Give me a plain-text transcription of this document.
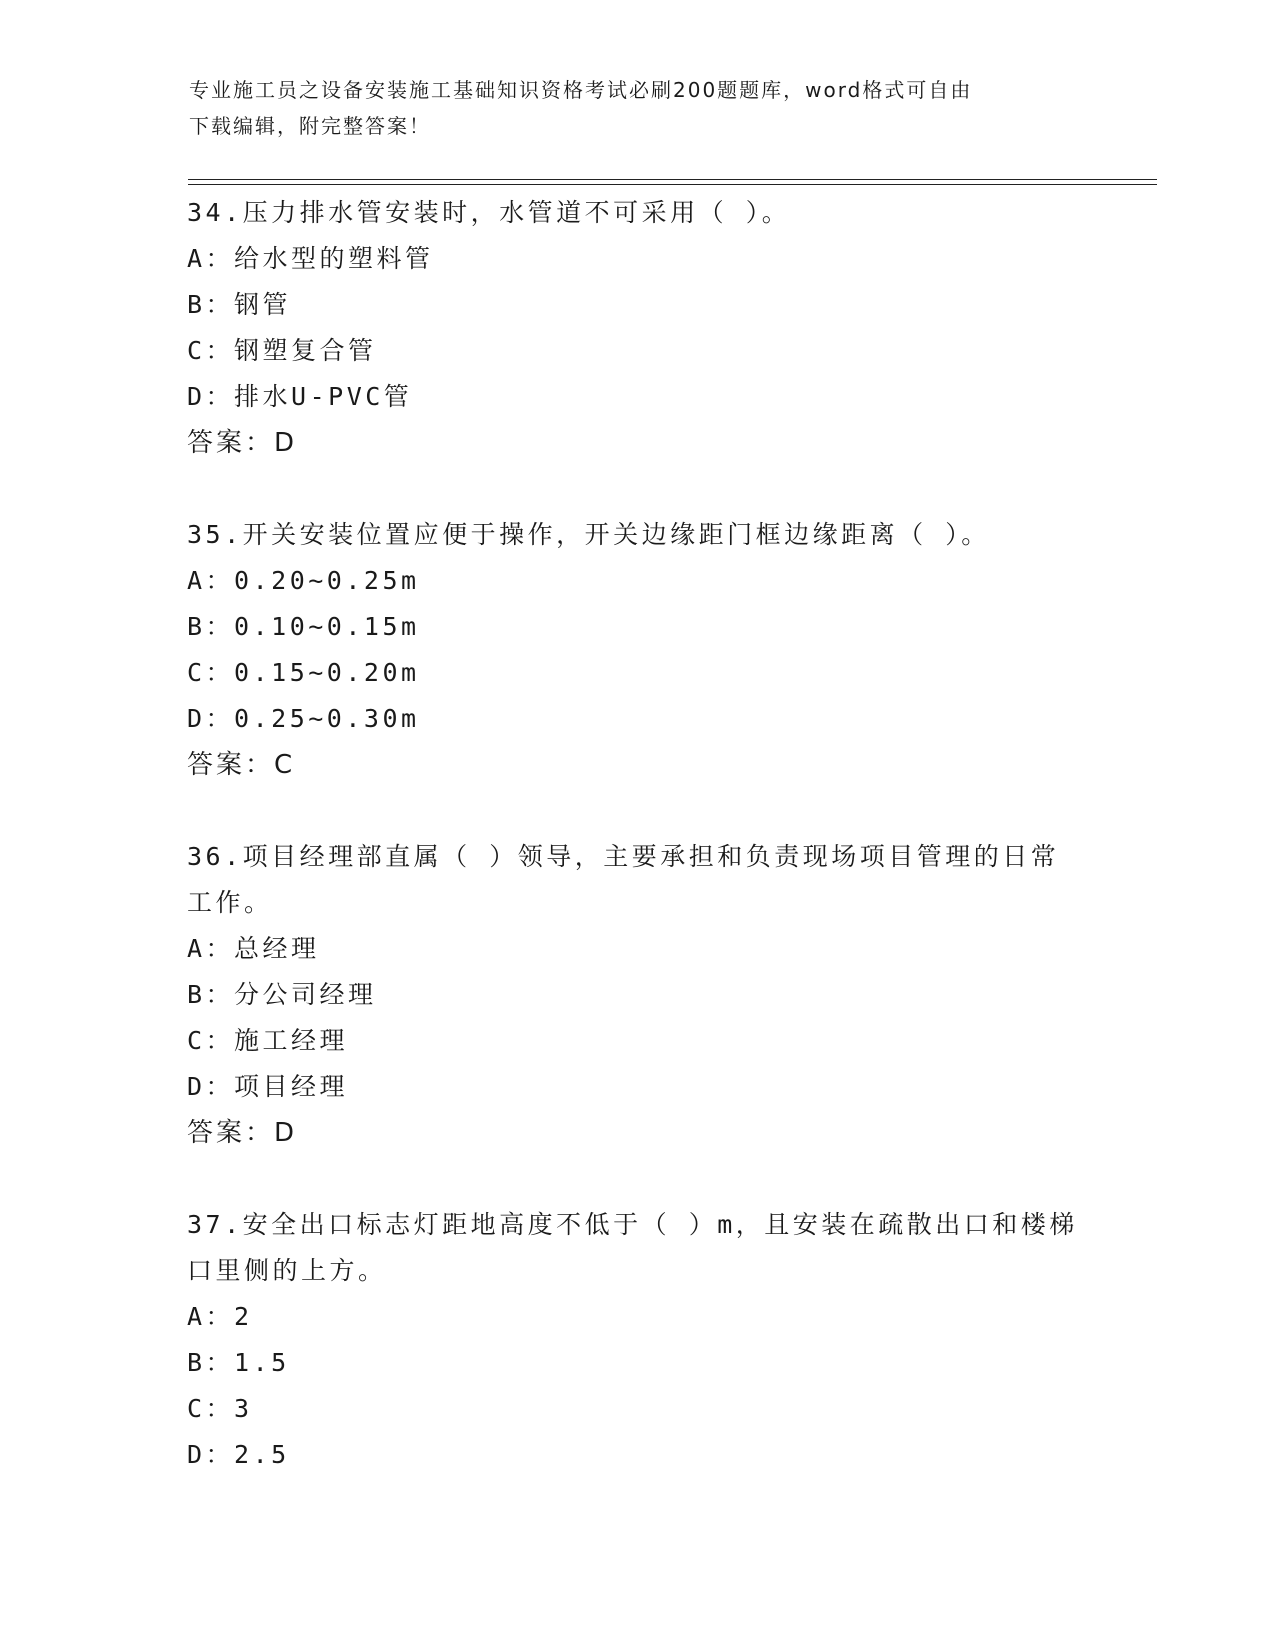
专业施工员之设备安装施工基础知识资格考试必刷200题题库，word格式可自由
下载编辑，附完整答案！
34.压力排水管安装时，水管道不可采用（ ）。
A：给水型的塑料管
B：钢管
C：钢塑复合管
D：排水U-PVC管
答案：D
35.开关安装位置应便于操作，开关边缘距门框边缘距离（ ）。
A：0.20~0.25m
B：0.10~0.15m
C：0.15~0.20m
D：0.25~0.30m
答案：C
36.项目经理部直属（ ）领导，主要承担和负责现场项目管理的日常
工作。
A：总经理
B：分公司经理
C：施工经理
D：项目经理
答案：D
37.安全出口标志灯距地高度不低于（ ）m，且安装在疏散出口和楼梯
口里侧的上方。
A：2
B：1.5
C：3
D：2.5
